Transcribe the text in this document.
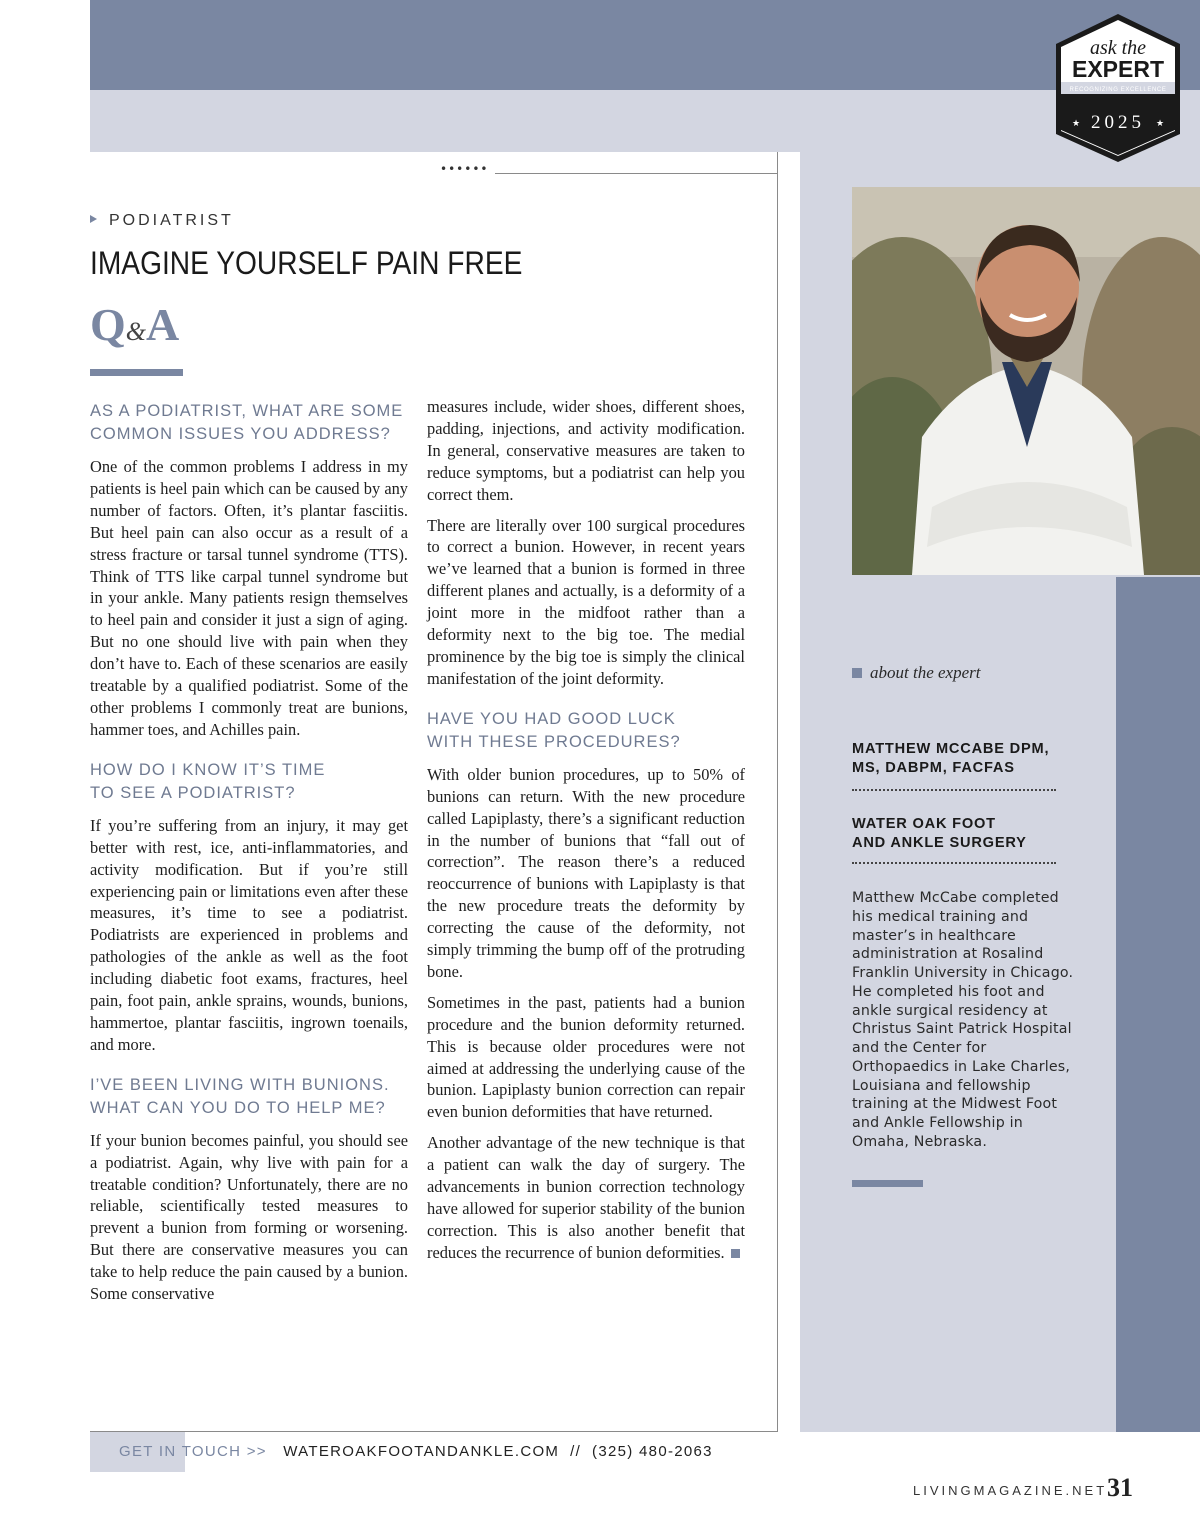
••••••
ask the
EXPERT
RECOGNIZING EXCELLENCE
2025
★	★
PODIATRIST
IMAGINE YOURSELF PAIN FREE
Q&A
AS A PODIATRIST, WHAT ARE SOME
COMMON ISSUES YOU ADDRESS?
One of the common problems I address in my patients is heel pain which can be caused by any number of factors. Often, it’s plantar fasciitis. But heel pain can also occur as a result of a stress fracture or tarsal tunnel syndrome (TTS). Think of TTS like carpal tunnel syndrome but in your ankle. Many patients resign themselves to heel pain and consider it just a sign of aging. But no one should live with pain when they don’t have to. Each of these scenarios are easily treatable by a qualified podiatrist. Some of the other problems I commonly treat are bunions, hammer toes, and Achilles pain.
HOW DO I KNOW IT’S TIME
TO SEE A PODIATRIST?
If you’re suffering from an injury, it may get better with rest, ice, anti-inflammatories, and activity modification. But if you’re still experiencing pain or limitations even after these measures, it’s time to see a podiatrist. Podiatrists are experienced in problems and pathologies of the ankle as well as the foot including diabetic foot exams, fractures, heel pain, foot pain, ankle sprains, wounds, bunions, hammertoe, plantar fasciitis, ingrown toenails, and more.
I’VE BEEN LIVING WITH BUNIONS.
WHAT CAN YOU DO TO HELP ME?
If your bunion becomes painful, you should see a podiatrist. Again, why live with pain for a treatable condition? Unfortunately, there are no reliable, scientifically tested measures to prevent a bunion from forming or worsening. But there are conservative measures you can take to help reduce the pain caused by a bunion. Some conservative
measures include, wider shoes, different shoes, padding, injections, and activity modification. In general, conservative measures are taken to reduce symptoms, but a podiatrist can help you correct them.
There are literally over 100 surgical procedures to correct a bunion. However, in recent years we’ve learned that a bunion is formed in three different planes and actually, is a deformity of a joint more in the midfoot rather than a deformity next to the big toe. The medial prominence by the big toe is simply the clinical manifestation of the joint deformity.
HAVE YOU HAD GOOD LUCK
WITH THESE PROCEDURES?
With older bunion procedures, up to 50% of bunions can return. With the new procedure called Lapiplasty, there’s a significant reduction in the number of bunions that “fall out of correction”. The reason there’s a reduced reoccurrence of bunions with Lapiplasty is that the new procedure treats the deformity by correcting the cause of the deformity, not simply trimming the bump off of the protruding bone.
Sometimes in the past, patients had a bunion procedure and the bunion deformity returned. This is because older procedures were not aimed at addressing the underlying cause of the bunion. Lapiplasty bunion correction can repair even bunion deformities that have returned.
Another advantage of the new technique is that a patient can walk the day of surgery. The advancements in bunion correction technology have allowed for superior stability of the bunion correction. This is also another benefit that reduces the recurrence of bunion deformities.
about the expert
MATTHEW MCCABE DPM,
MS, DABPM, FACFAS
WATER OAK FOOT
AND ANKLE SURGERY
Matthew McCabe completed his medical training and master’s in healthcare administration at Rosalind Franklin University in Chicago. He completed his foot and ankle surgical residency at Christus Saint Patrick Hospital and the Center for Orthopaedics in Lake Charles, Louisiana and fellowship training at the Midwest Foot and Ankle Fellowship in Omaha, Nebraska.
GET IN TOUCH >> WATEROAKFOOTANDANKLE.COM // (325) 480-2063
LIVINGMAGAZINE.NET 31
